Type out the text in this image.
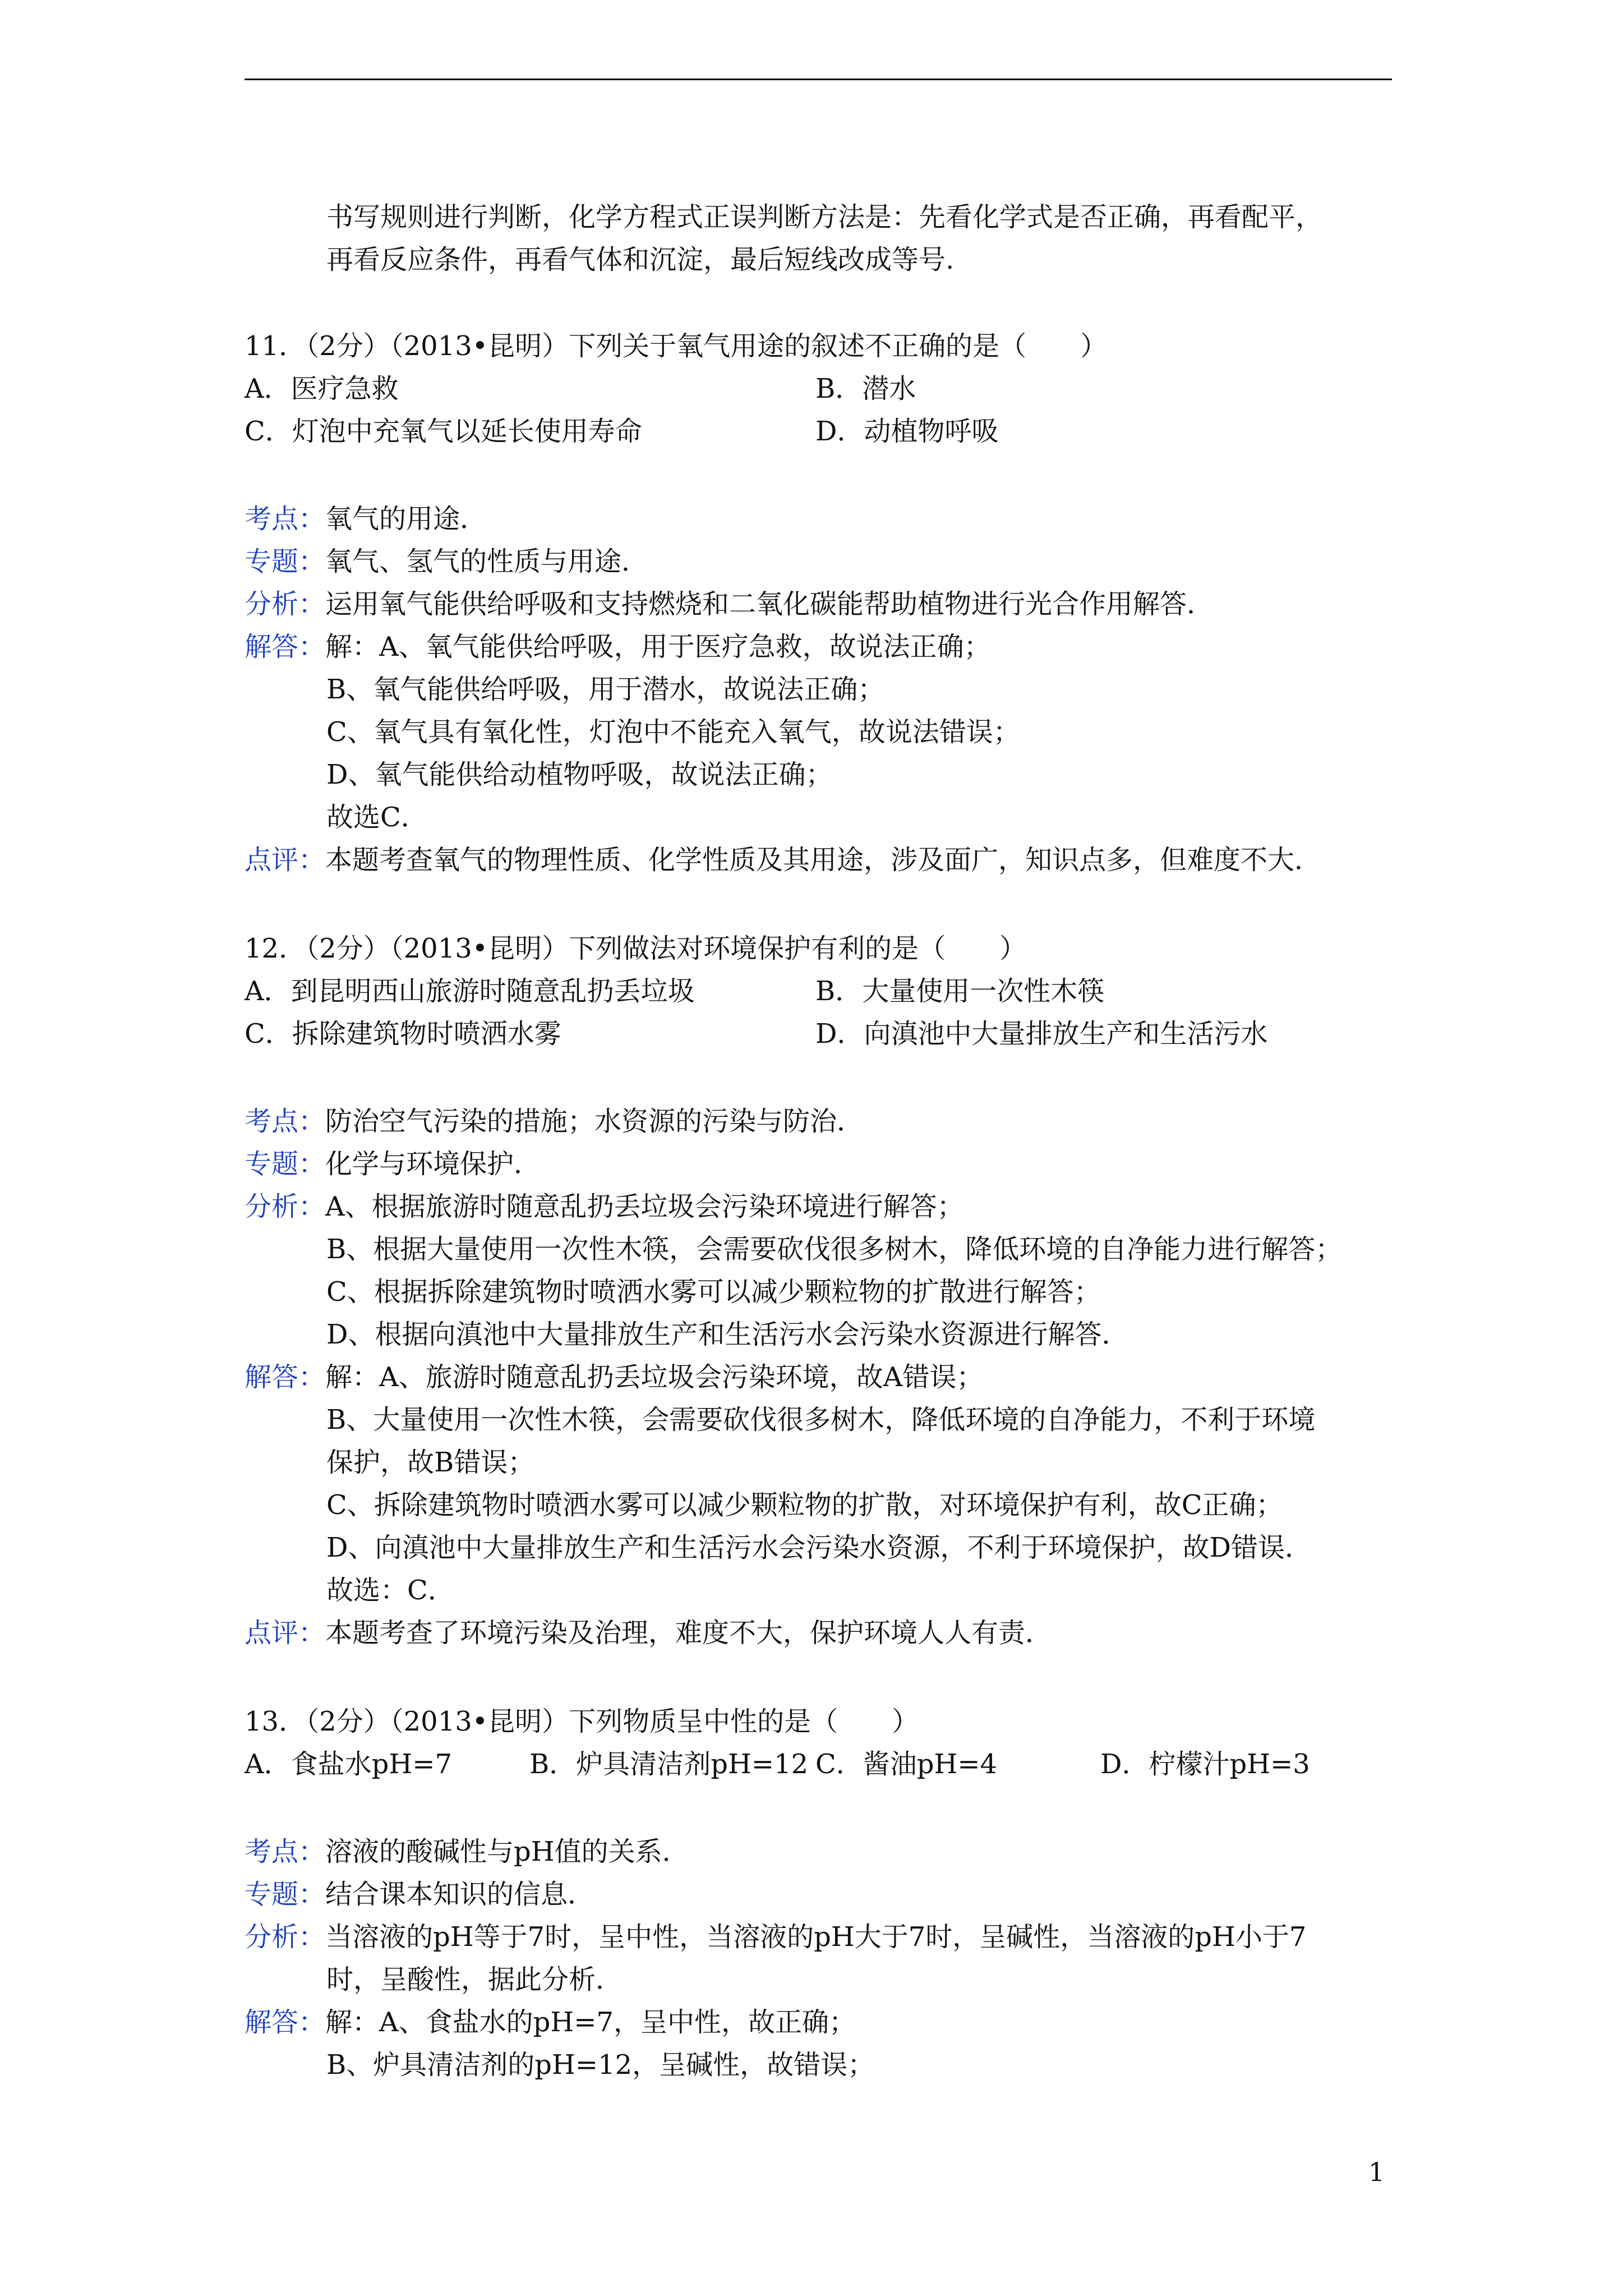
书写规则进行判断，化学方程式正误判断方法是：先看化学式是否正确，再看配平，
再看反应条件，再看气体和沉淀，最后短线改成等号.
11．（2分）（2013•昆明）下列关于氧气用途的叙述不正确的是（　　）
A．医疗急救	B．潜水
C．灯泡中充氧气以延长使用寿命	D．动植物呼吸
考点：氧气的用途．
专题：氧气、氢气的性质与用途．
分析：运用氧气能供给呼吸和支持燃烧和二氧化碳能帮助植物进行光合作用解答．
解答：解：A、氧气能供给呼吸，用于医疗急救，故说法正确；
B、氧气能供给呼吸，用于潜水，故说法正确；
C、氧气具有氧化性，灯泡中不能充入氧气，故说法错误；
D、氧气能供给动植物呼吸，故说法正确；
故选C．
点评：本题考查氧气的物理性质、化学性质及其用途，涉及面广，知识点多，但难度不大．
12．（2分）（2013•昆明）下列做法对环境保护有利的是（　　）
A．到昆明西山旅游时随意乱扔丢垃圾	B．大量使用一次性木筷
C．拆除建筑物时喷洒水雾	D．向滇池中大量排放生产和生活污水
考点：防治空气污染的措施；水资源的污染与防治．
专题：化学与环境保护．
分析：A、根据旅游时随意乱扔丢垃圾会污染环境进行解答；
B、根据大量使用一次性木筷，会需要砍伐很多树木，降低环境的自净能力进行解答；
C、根据拆除建筑物时喷洒水雾可以减少颗粒物的扩散进行解答；
D、根据向滇池中大量排放生产和生活污水会污染水资源进行解答．
解答：解：A、旅游时随意乱扔丢垃圾会污染环境，故A错误；
B、大量使用一次性木筷，会需要砍伐很多树木，降低环境的自净能力，不利于环境
保护，故B错误；
C、拆除建筑物时喷洒水雾可以减少颗粒物的扩散，对环境保护有利，故C正确；
D、向滇池中大量排放生产和生活污水会污染水资源，不利于环境保护，故D错误．
故选：C．
点评：本题考查了环境污染及治理，难度不大，保护环境人人有责．
13．（2分）（2013•昆明）下列物质呈中性的是（　　）
A．食盐水pH=7	B．炉具清洁剂pH=12 C．酱油pH=4	D．柠檬汁pH=3
考点：溶液的酸碱性与pH值的关系．
专题：结合课本知识的信息．
分析：当溶液的pH等于7时，呈中性，当溶液的pH大于7时，呈碱性，当溶液的pH小于7
时，呈酸性，据此分析．
解答：解：A、食盐水的pH=7，呈中性，故正确；
B、炉具清洁剂的pH=12，呈碱性，故错误；
1
